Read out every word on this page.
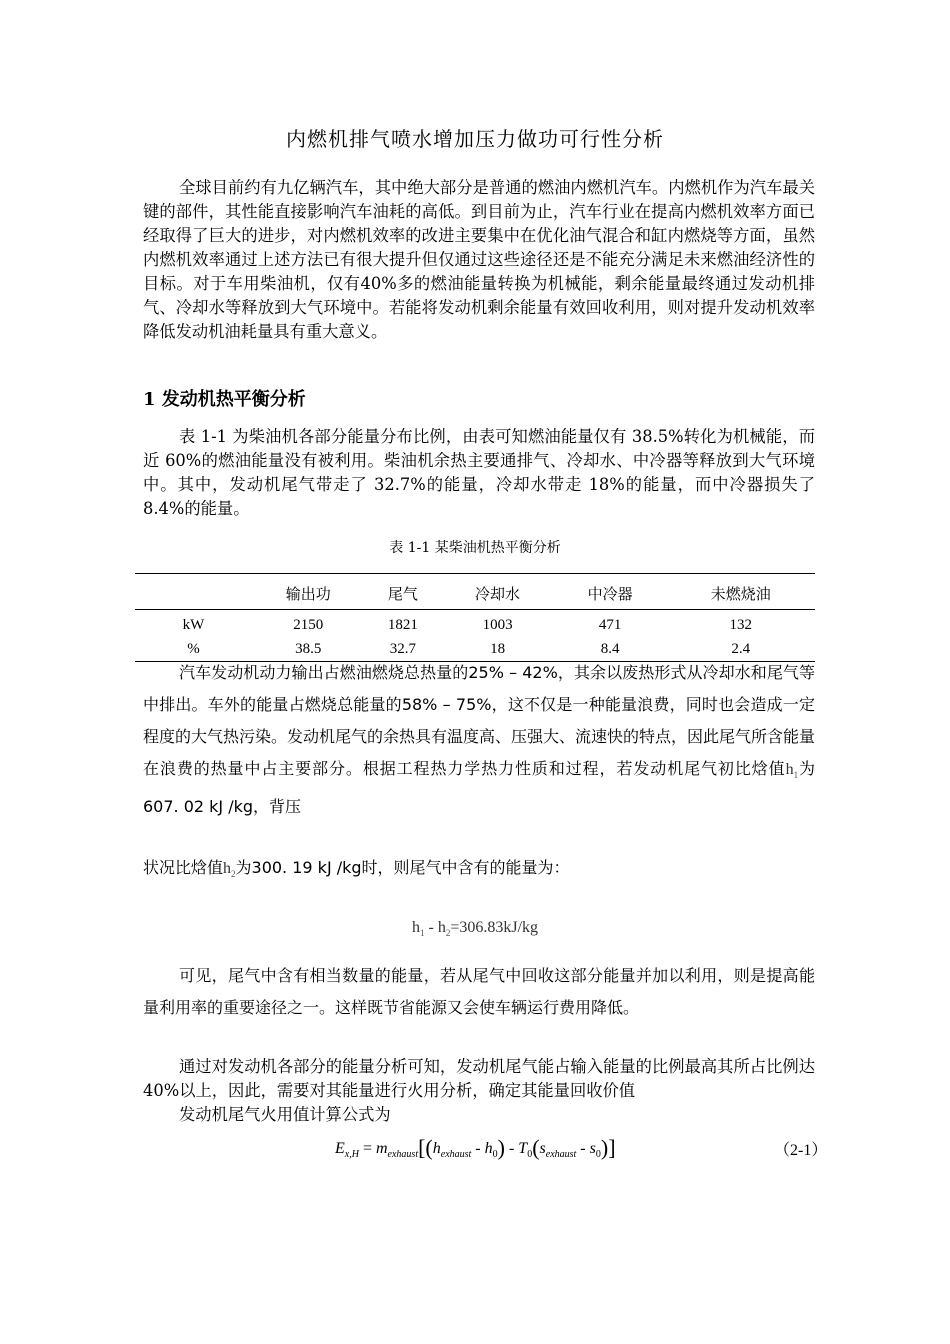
内燃机排气喷水增加压力做功可行性分析

全球目前约有九亿辆汽车，其中绝大部分是普通的燃油内燃机汽车。内燃机作为汽车最关键的部件，其性能直接影响汽车油耗的高低。到目前为止，汽车行业在提高内燃机效率方面已经取得了巨大的进步，对内燃机效率的改进主要集中在优化油气混合和缸内燃烧等方面，虽然内燃机效率通过上述方法已有很大提升但仅通过这些途径还是不能充分满足未来燃油经济性的目标。对于车用柴油机，仅有40%多的燃油能量转换为机械能，剩余能量最终通过发动机排气、冷却水等释放到大气环境中。若能将发动机剩余能量有效回收利用，则对提升发动机效率降低发动机油耗量具有重大意义。

1 发动机热平衡分析

表 1-1 为柴油机各部分能量分布比例，由表可知燃油能量仅有 38.5%转化为机械能，而近 60%的燃油能量没有被利用。柴油机余热主要通排气、冷却水、中冷器等释放到大气环境中。其中，发动机尾气带走了 32.7%的能量，冷却水带走 18%的能量，而中冷器损失了 8.4%的能量。

表 1-1 某柴油机热平衡分析
	输出功	尾气	冷却水	中冷器	未燃烧油
kW	2150	1821	1003	471	132
%	38.5	32.7	18	8.4	2.4

汽车发动机动力输出占燃油燃烧总热量的25% – 42%，其余以废热形式从冷却水和尾气等中排出。车外的能量占燃烧总能量的58% – 75%，这不仅是一种能量浪费，同时也会造成一定程度的大气热污染。发动机尾气的余热具有温度高、压强大、流速快的特点，因此尾气所含能量在浪费的热量中占主要部分。根据工程热力学热力性质和过程，若发动机尾气初比焓值$h_1$为607. 02 kJ /kg，背压

状况比焓值$h_2$为300. 19 kJ /kg时，则尾气中含有的能量为：

$h_1 - h_2=306.83kJ/kg$

可见，尾气中含有相当数量的能量，若从尾气中回收这部分能量并加以利用，则是提高能量利用率的重要途径之一。这样既节省能源又会使车辆运行费用降低。

通过对发动机各部分的能量分析可知，发动机尾气能占输入能量的比例最高其所占比例达 40%以上，因此，需要对其能量进行火用分析，确定其能量回收价值

发动机尾气火用值计算公式为

$E_{x,H} = m_{exhaust}[(h_{exhaust} - h_0) - T_0(s_{exhaust} - s_0)]$	（2-1）
